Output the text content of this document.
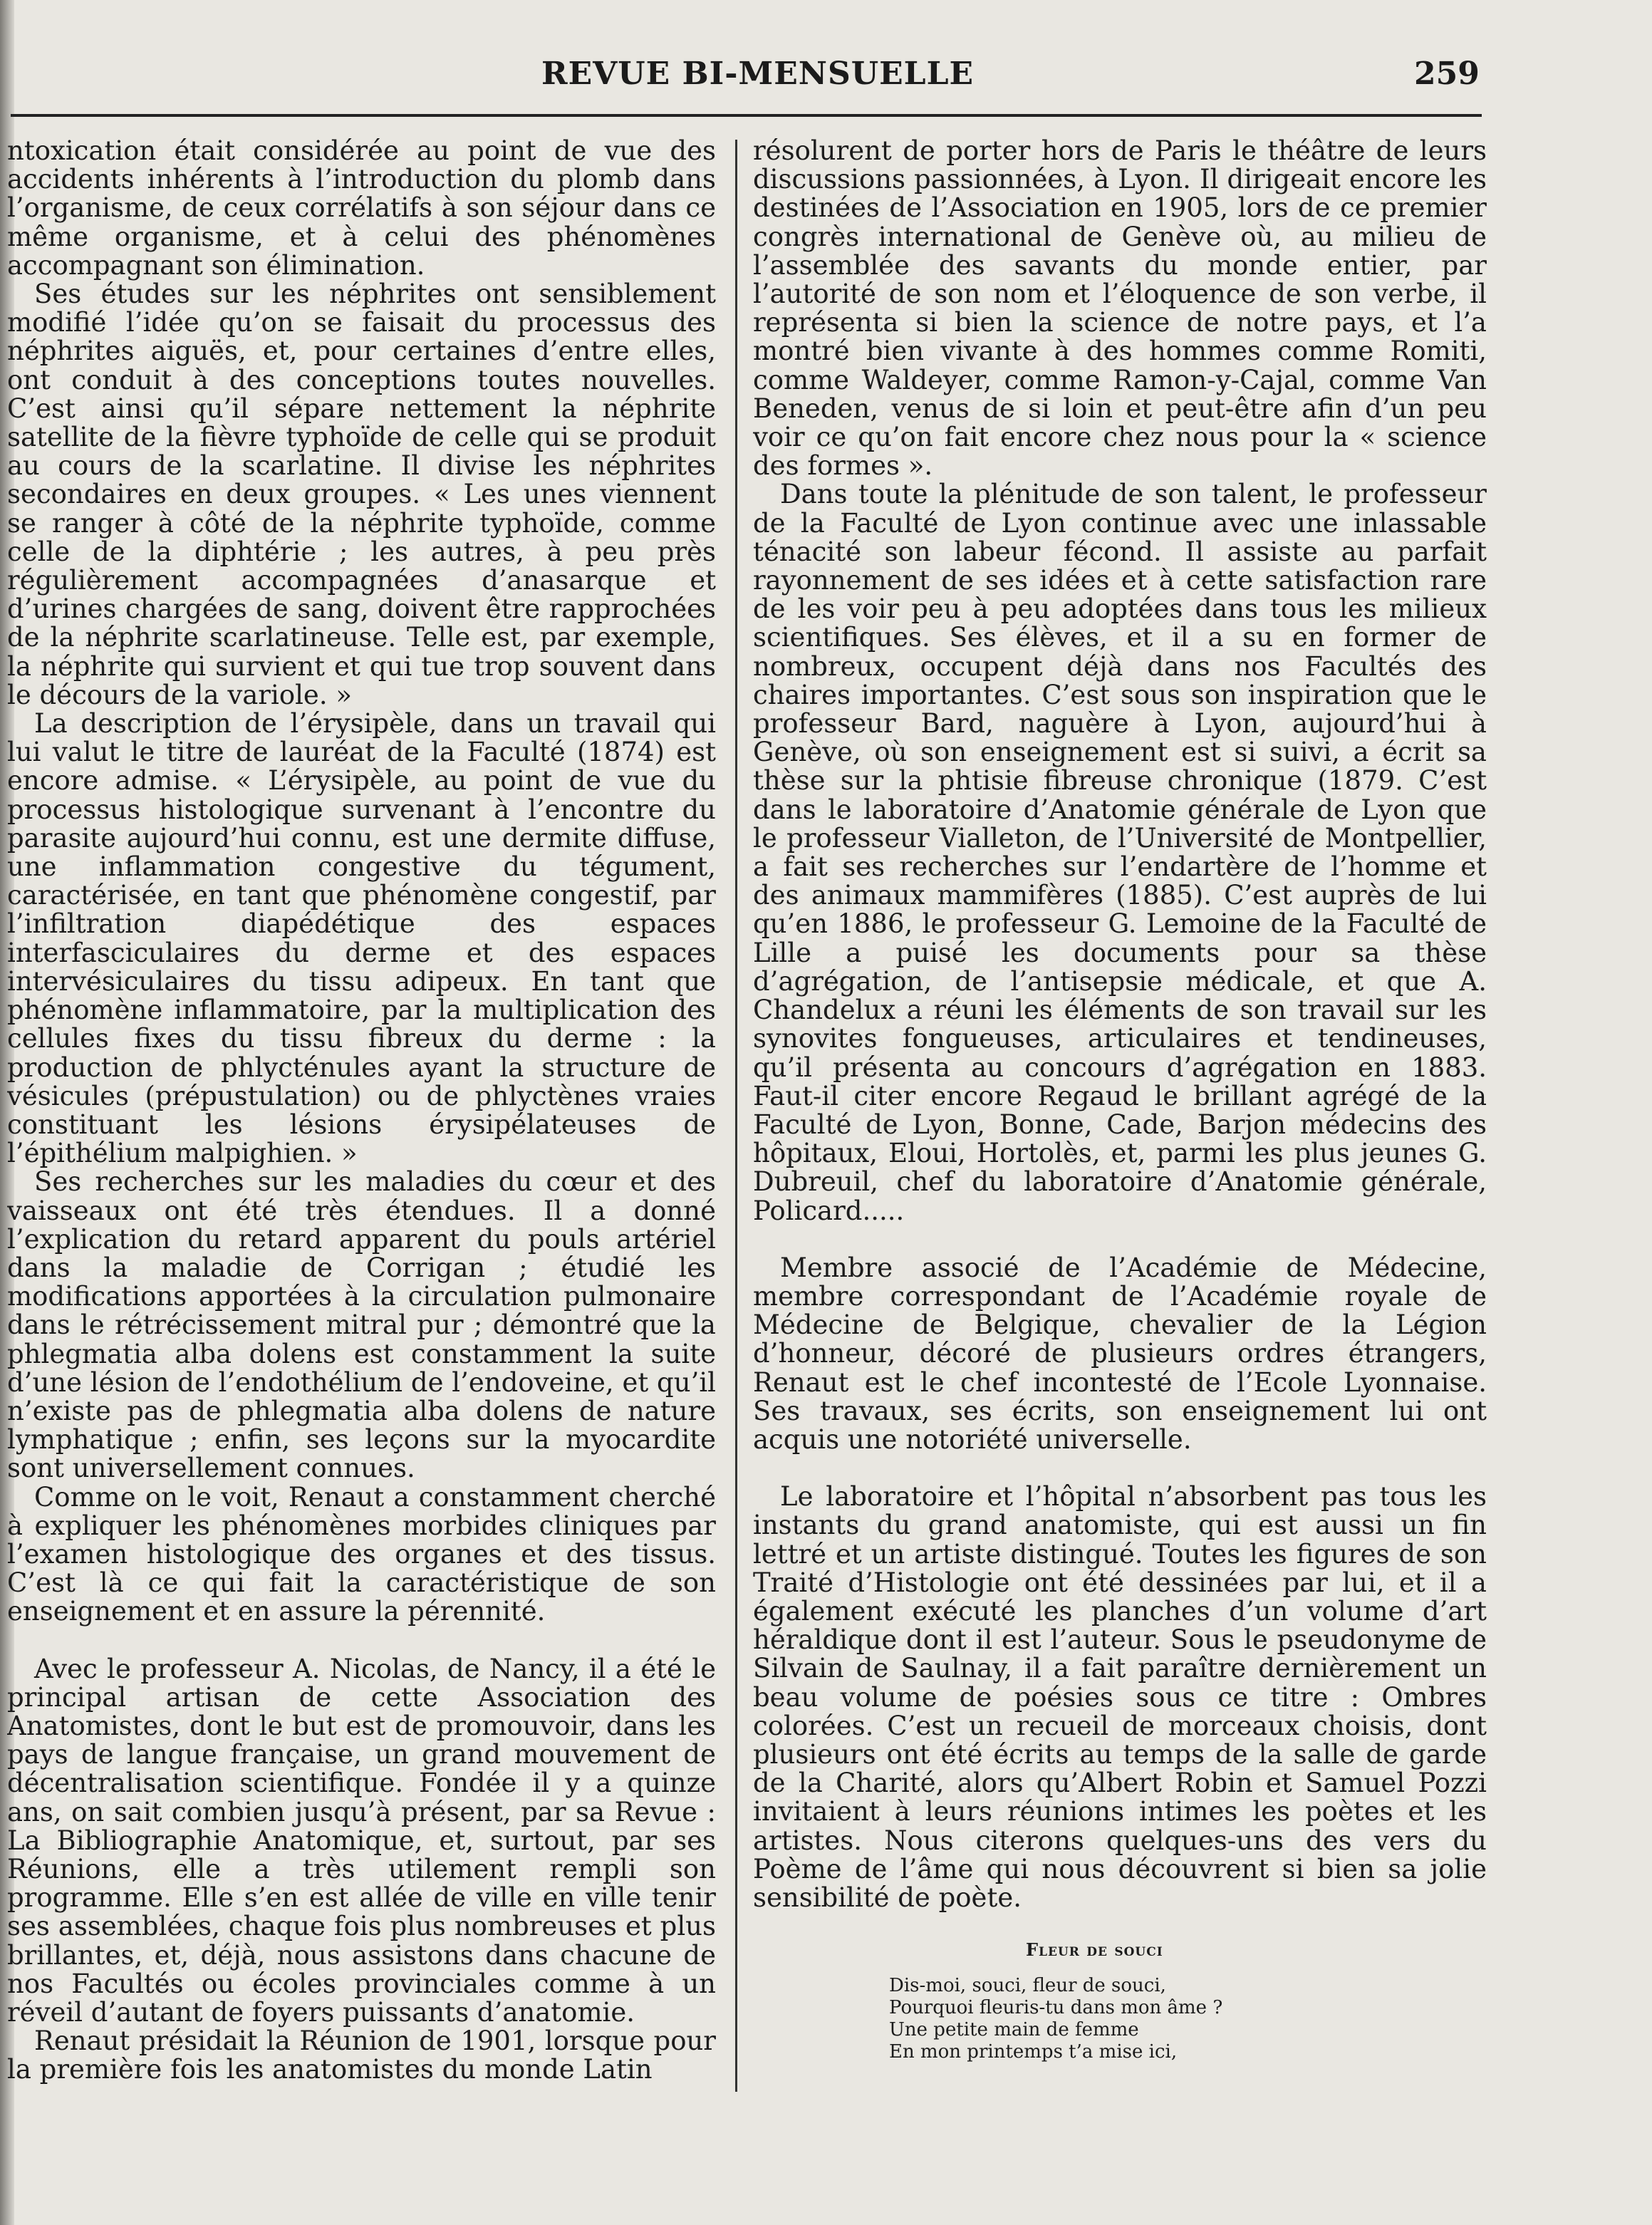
REVUE BI-MENSUELLE	259

ntoxication était considérée au point de vue des accidents inhérents à l’introduction du plomb dans l’organisme, de ceux corrélatifs à son séjour dans ce même organisme, et à celui des phénomènes accompagnant son élimination.

Ses études sur les néphrites ont sensiblement modifié l’idée qu’on se faisait du processus des néphrites aiguës, et, pour certaines d’entre elles, ont conduit à des conceptions toutes nouvelles. C’est ainsi qu’il sépare nettement la néphrite satellite de la fièvre typhoïde de celle qui se produit au cours de la scarlatine. Il divise les néphrites secondaires en deux groupes. « Les unes viennent se ranger à côté de la néphrite typhoïde, comme celle de la diphtérie ; les autres, à peu près régulièrement accompagnées d’anasarque et d’urines chargées de sang, doivent être rapprochées de la néphrite scarlatineuse. Telle est, par exemple, la néphrite qui survient et qui tue trop souvent dans le décours de la variole. »

La description de l’érysipèle, dans un travail qui lui valut le titre de lauréat de la Faculté (1874) est encore admise. « L’érysipèle, au point de vue du processus histologique survenant à l’encontre du parasite aujourd’hui connu, est une dermite diffuse, une inflammation congestive du tégument, caractérisée, en tant que phénomène congestif, par l’infiltration diapédétique des espaces interfasciculaires du derme et des espaces intervésiculaires du tissu adipeux. En tant que phénomène inflammatoire, par la multiplication des cellules fixes du tissu fibreux du derme : la production de phlycténules ayant la structure de vésicules (prépustulation) ou de phlyctènes vraies constituant les lésions érysipélateuses de l’épithélium malpighien. »

Ses recherches sur les maladies du cœur et des vaisseaux ont été très étendues. Il a donné l’explication du retard apparent du pouls artériel dans la maladie de Corrigan ; étudié les modifications apportées à la circulation pulmonaire dans le rétrécissement mitral pur ; démontré que la phlegmatia alba dolens est constamment la suite d’une lésion de l’endothélium de l’endoveine, et qu’il n’existe pas de phlegmatia alba dolens de nature lymphatique ; enfin, ses leçons sur la myocardite sont universellement connues.

Comme on le voit, Renaut a constamment cherché à expliquer les phénomènes morbides cliniques par l’examen histologique des organes et des tissus. C’est là ce qui fait la caractéristique de son enseignement et en assure la pérennité.

Avec le professeur A. Nicolas, de Nancy, il a été le principal artisan de cette Association des Anatomistes, dont le but est de promouvoir, dans les pays de langue française, un grand mouvement de décentralisation scientifique. Fondée il y a quinze ans, on sait combien jusqu’à présent, par sa Revue : La Bibliographie Anatomique, et, surtout, par ses Réunions, elle a très utilement rempli son programme. Elle s’en est allée de ville en ville tenir ses assemblées, chaque fois plus nombreuses et plus brillantes, et, déjà, nous assistons dans chacune de nos Facultés ou écoles provinciales comme à un réveil d’autant de foyers puissants d’anatomie.

Renaut présidait la Réunion de 1901, lorsque pour la première fois les anatomistes du monde Latin

résolurent de porter hors de Paris le théâtre de leurs discussions passionnées, à Lyon. Il dirigeait encore les destinées de l’Association en 1905, lors de ce premier congrès international de Genève où, au milieu de l’assemblée des savants du monde entier, par l’autorité de son nom et l’éloquence de son verbe, il représenta si bien la science de notre pays, et l’a montré bien vivante à des hommes comme Romiti, comme Waldeyer, comme Ramon-y-Cajal, comme Van Beneden, venus de si loin et peut-être afin d’un peu voir ce qu’on fait encore chez nous pour la « science des formes ».

Dans toute la plénitude de son talent, le professeur de la Faculté de Lyon continue avec une inlassable ténacité son labeur fécond. Il assiste au parfait rayonnement de ses idées et à cette satisfaction rare de les voir peu à peu adoptées dans tous les milieux scientifiques. Ses élèves, et il a su en former de nombreux, occupent déjà dans nos Facultés des chaires importantes. C’est sous son inspiration que le professeur Bard, naguère à Lyon, aujourd’hui à Genève, où son enseignement est si suivi, a écrit sa thèse sur la phtisie fibreuse chronique (1879. C’est dans le laboratoire d’Anatomie générale de Lyon que le professeur Vialleton, de l’Université de Montpellier, a fait ses recherches sur l’endartère de l’homme et des animaux mammifères (1885). C’est auprès de lui qu’en 1886, le professeur G. Lemoine de la Faculté de Lille a puisé les documents pour sa thèse d’agrégation, de l’antisepsie médicale, et que A. Chandelux a réuni les éléments de son travail sur les synovites fongueuses, articulaires et tendineuses, qu’il présenta au concours d’agrégation en 1883. Faut-il citer encore Regaud le brillant agrégé de la Faculté de Lyon, Bonne, Cade, Barjon médecins des hôpitaux, Eloui, Hortolès, et, parmi les plus jeunes G. Dubreuil, chef du laboratoire d’Anatomie générale, Policard.....

Membre associé de l’Académie de Médecine, membre correspondant de l’Académie royale de Médecine de Belgique, chevalier de la Légion d’honneur, décoré de plusieurs ordres étrangers, Renaut est le chef incontesté de l’Ecole Lyonnaise. Ses travaux, ses écrits, son enseignement lui ont acquis une notoriété universelle.

Le laboratoire et l’hôpital n’absorbent pas tous les instants du grand anatomiste, qui est aussi un fin lettré et un artiste distingué. Toutes les figures de son Traité d’Histologie ont été dessinées par lui, et il a également exécuté les planches d’un volume d’art héraldique dont il est l’auteur. Sous le pseudonyme de Silvain de Saulnay, il a fait paraître dernièrement un beau volume de poésies sous ce titre : Ombres colorées. C’est un recueil de morceaux choisis, dont plusieurs ont été écrits au temps de la salle de garde de la Charité, alors qu’Albert Robin et Samuel Pozzi invitaient à leurs réunions intimes les poètes et les artistes. Nous citerons quelques-uns des vers du Poème de l’âme qui nous découvrent si bien sa jolie sensibilité de poète.

Fleur de souci
Dis-moi, souci, fleur de souci,
Pourquoi fleuris-tu dans mon âme ?
Une petite main de femme
En mon printemps t’a mise ici,
